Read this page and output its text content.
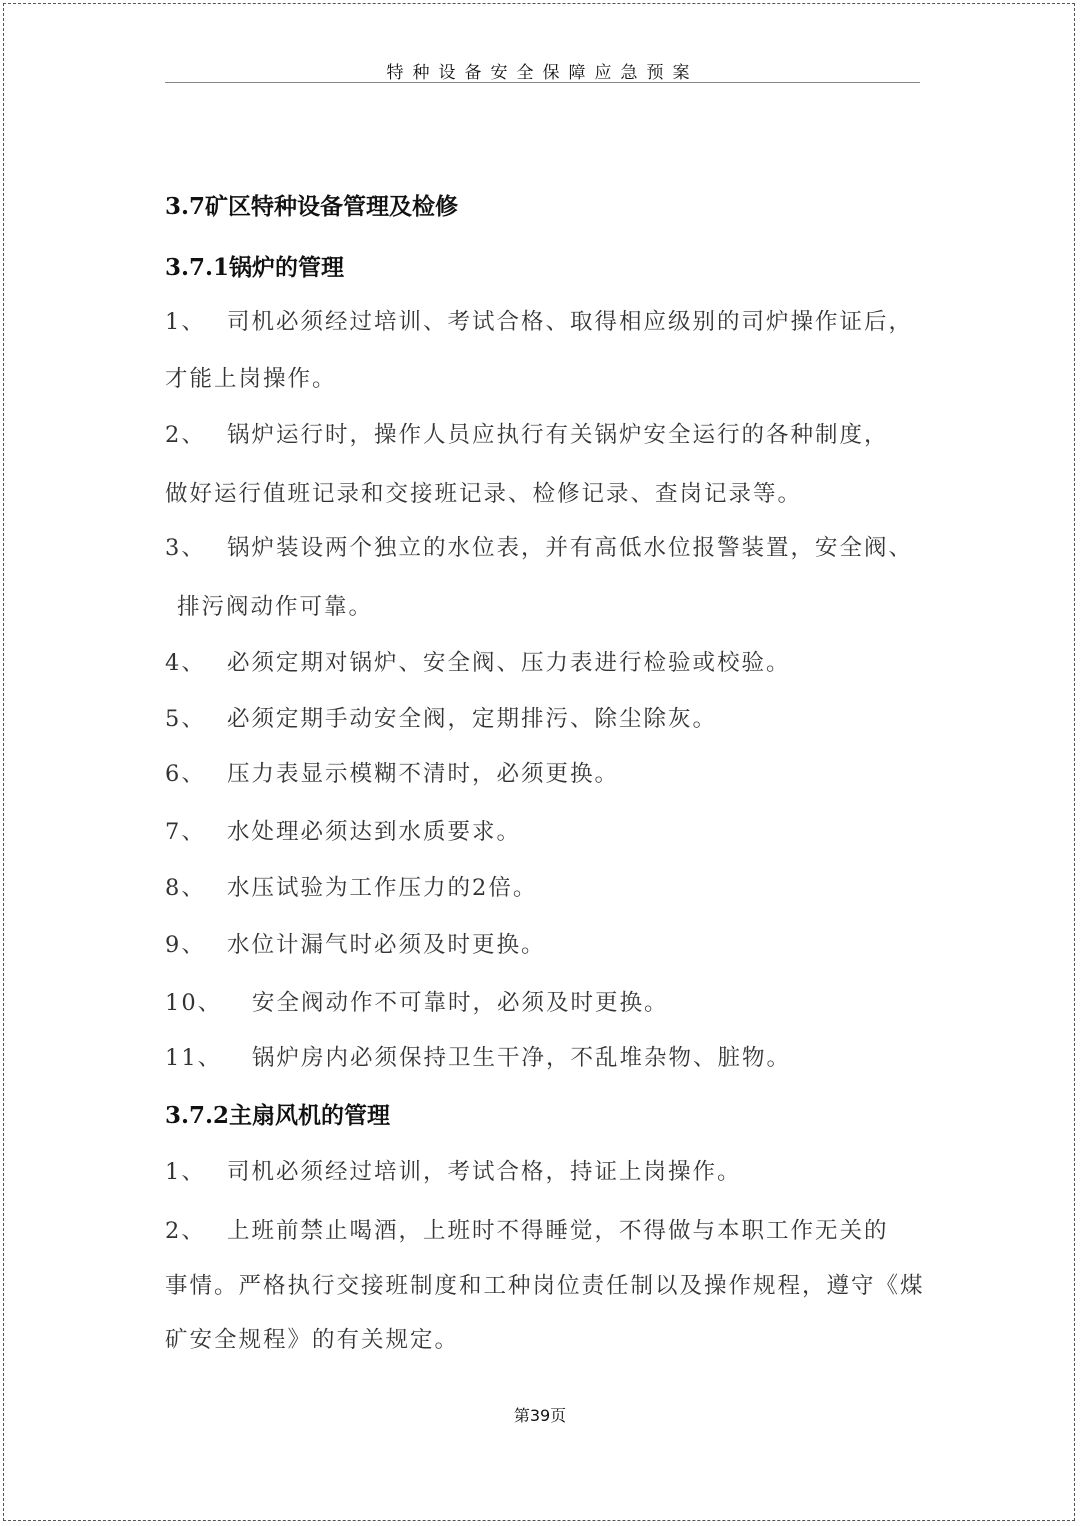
特种设备安全保障应急预案
3.7矿区特种设备管理及检修
3.7.1锅炉的管理
1、 司机必须经过培训、考试合格、取得相应级别的司炉操作证后，
才能上岗操作。
2、 锅炉运行时，操作人员应执行有关锅炉安全运行的各种制度，
做好运行值班记录和交接班记录、检修记录、查岗记录等。
3、 锅炉装设两个独立的水位表，并有高低水位报警装置，安全阀、
排污阀动作可靠。
4、 必须定期对锅炉、安全阀、压力表进行检验或校验。
5、 必须定期手动安全阀，定期排污、除尘除灰。
6、 压力表显示模糊不清时，必须更换。
7、 水处理必须达到水质要求。
8、 水压试验为工作压力的2倍。
9、 水位计漏气时必须及时更换。
10、 安全阀动作不可靠时，必须及时更换。
11、 锅炉房内必须保持卫生干净，不乱堆杂物、脏物。
3.7.2主扇风机的管理
1、 司机必须经过培训，考试合格，持证上岗操作。
2、 上班前禁止喝酒，上班时不得睡觉，不得做与本职工作无关的
事情。严格执行交接班制度和工种岗位责任制以及操作规程，遵守《煤
矿安全规程》的有关规定。
第39页
